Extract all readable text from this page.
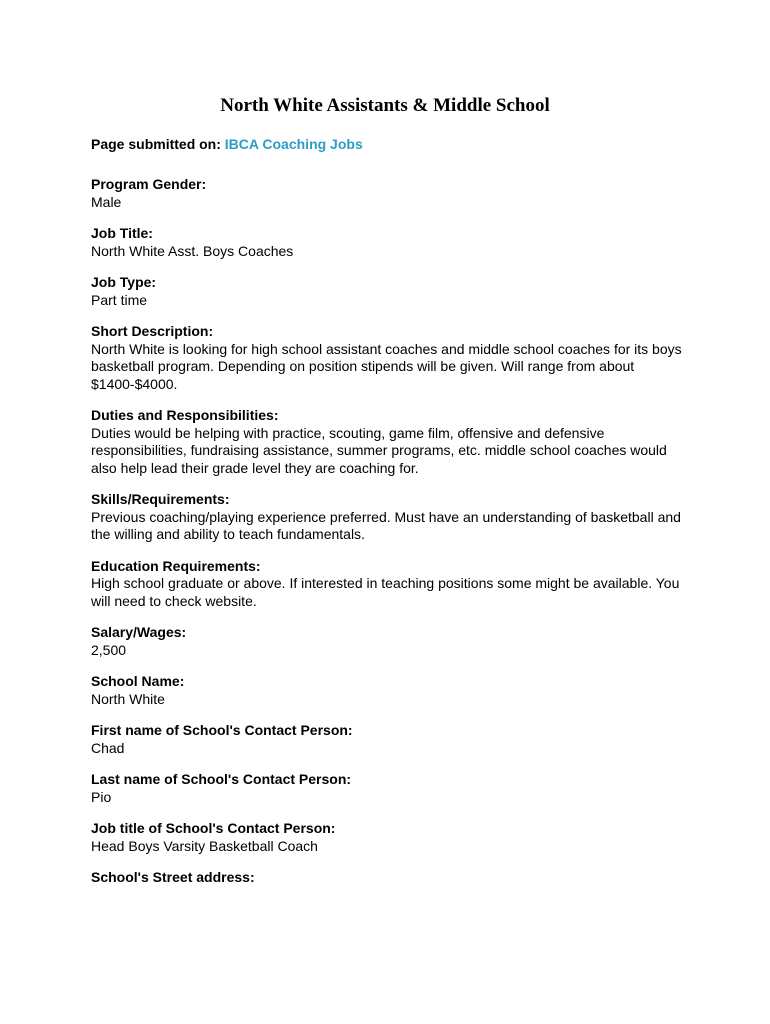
North White Assistants & Middle School

Page submitted on: IBCA Coaching Jobs

Program Gender:
Male
Job Title:
North White Asst. Boys Coaches
Job Type:
Part time
Short Description:
North White is looking for high school assistant coaches and middle school coaches for its boys basketball program. Depending on position stipends will be given. Will range from about $1400-$4000.
Duties and Responsibilities:
Duties would be helping with practice, scouting, game film, offensive and defensive responsibilities, fundraising assistance, summer programs, etc. middle school coaches would also help lead their grade level they are coaching for.
Skills/Requirements:
Previous coaching/playing experience preferred. Must have an understanding of basketball and the willing and ability to teach fundamentals.
Education Requirements:
High school graduate or above. If interested in teaching positions some might be available. You will need to check website.
Salary/Wages:
2,500
School Name:
North White
First name of School's Contact Person:
Chad
Last name of School's Contact Person:
Pio
Job title of School's Contact Person:
Head Boys Varsity Basketball Coach
School's Street address:
